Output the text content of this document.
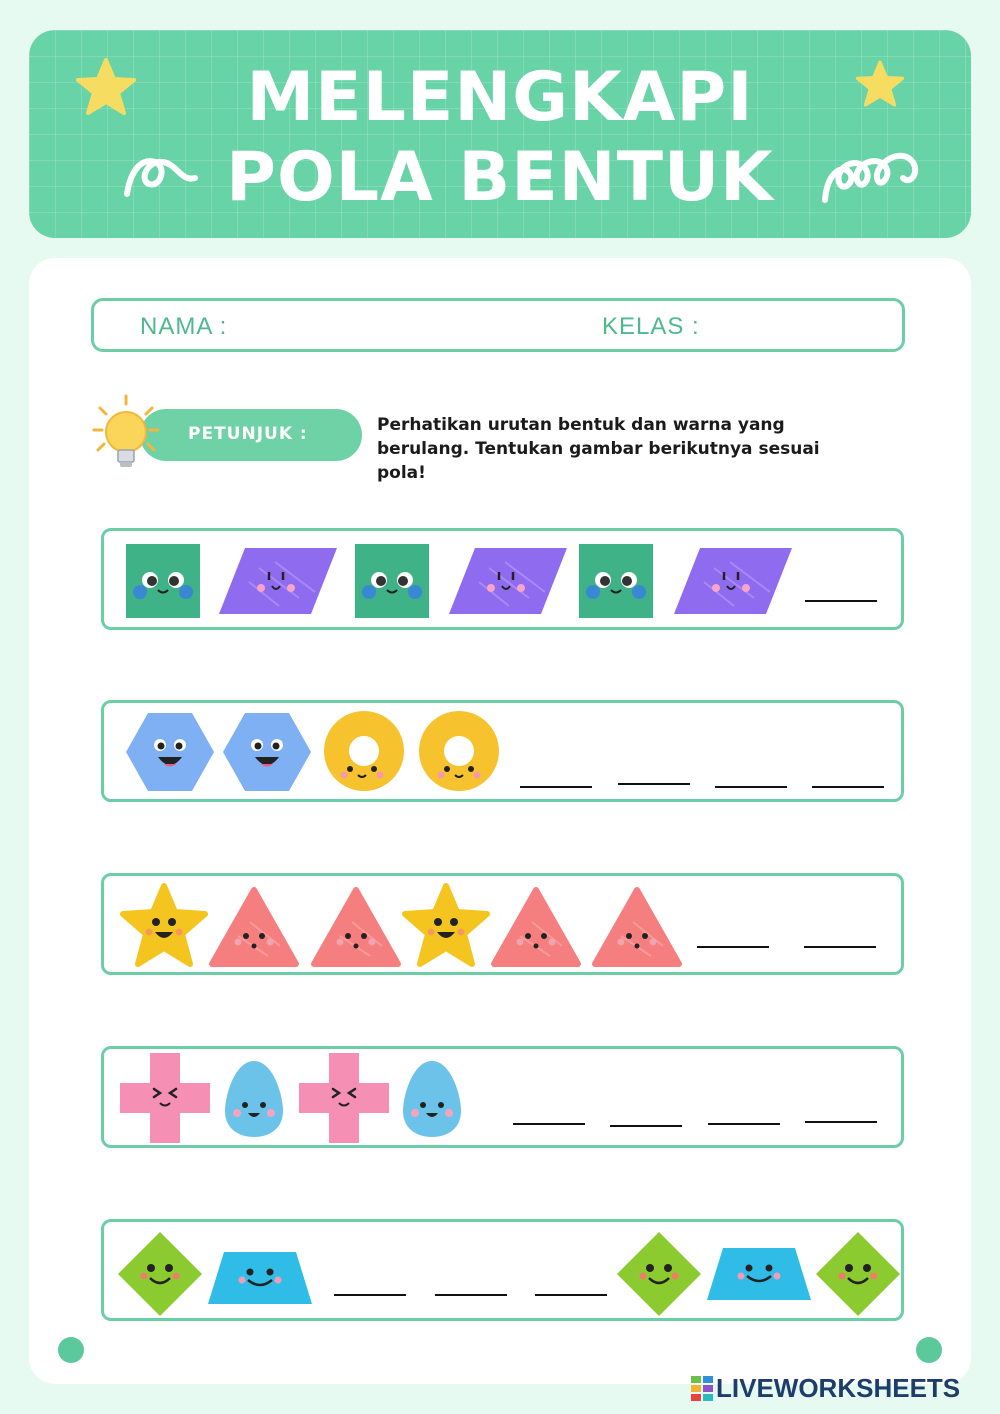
MELENGKAPI
POLA BENTUK
NAMA :	KELAS :
PETUNJUK :	Perhatikan urutan bentuk dan warna yang berulang. Tentukan gambar berikutnya sesuai pola!

LIVEWORKSHEETS
